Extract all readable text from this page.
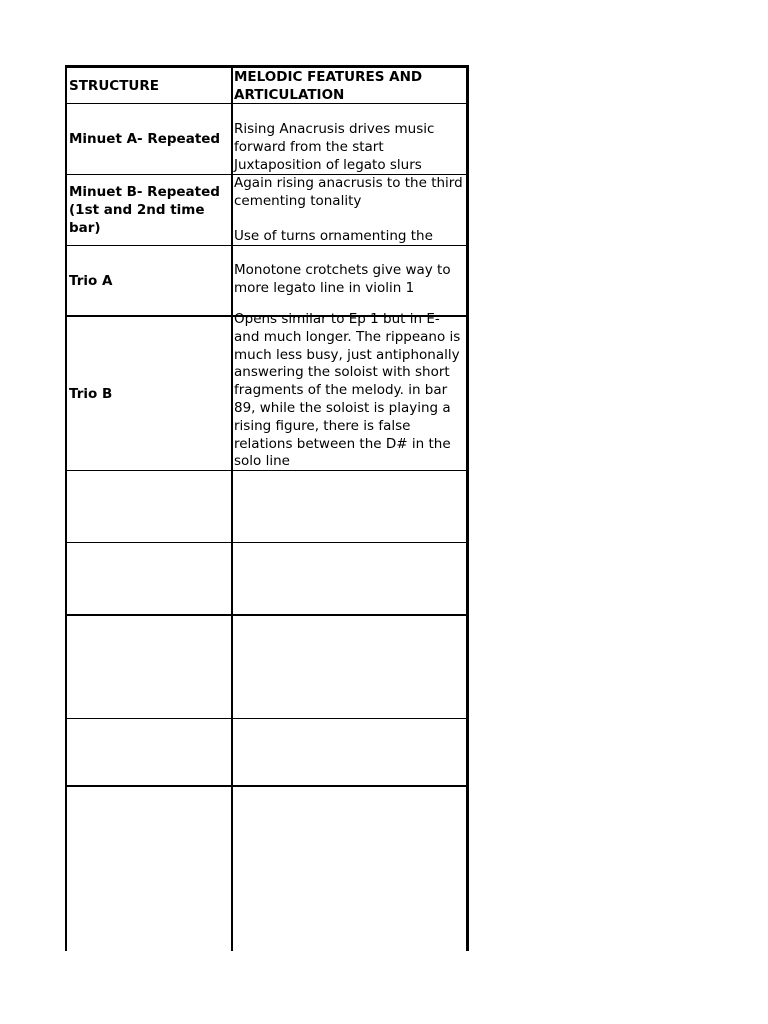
STRUCTURE
MELODIC FEATURES AND ARTICULATION
Minuet A- Repeated
Rising Anacrusis drives music forward from the start
Juxtaposition of legato slurs
Minuet B- Repeated (1st and 2nd time bar)
Again rising anacrusis to the third cementing tonality

Use of turns ornamenting the
Trio A
Monotone crotchets give way to more legato line in violin 1
Trio B
Opens similar to Ep 1 but in E- and much longer. The rippeano is much less busy, just antiphonally answering the soloist with short fragments of the melody. in bar 89, while the soloist is playing a rising figure, there is false relations between the D# in the solo line
